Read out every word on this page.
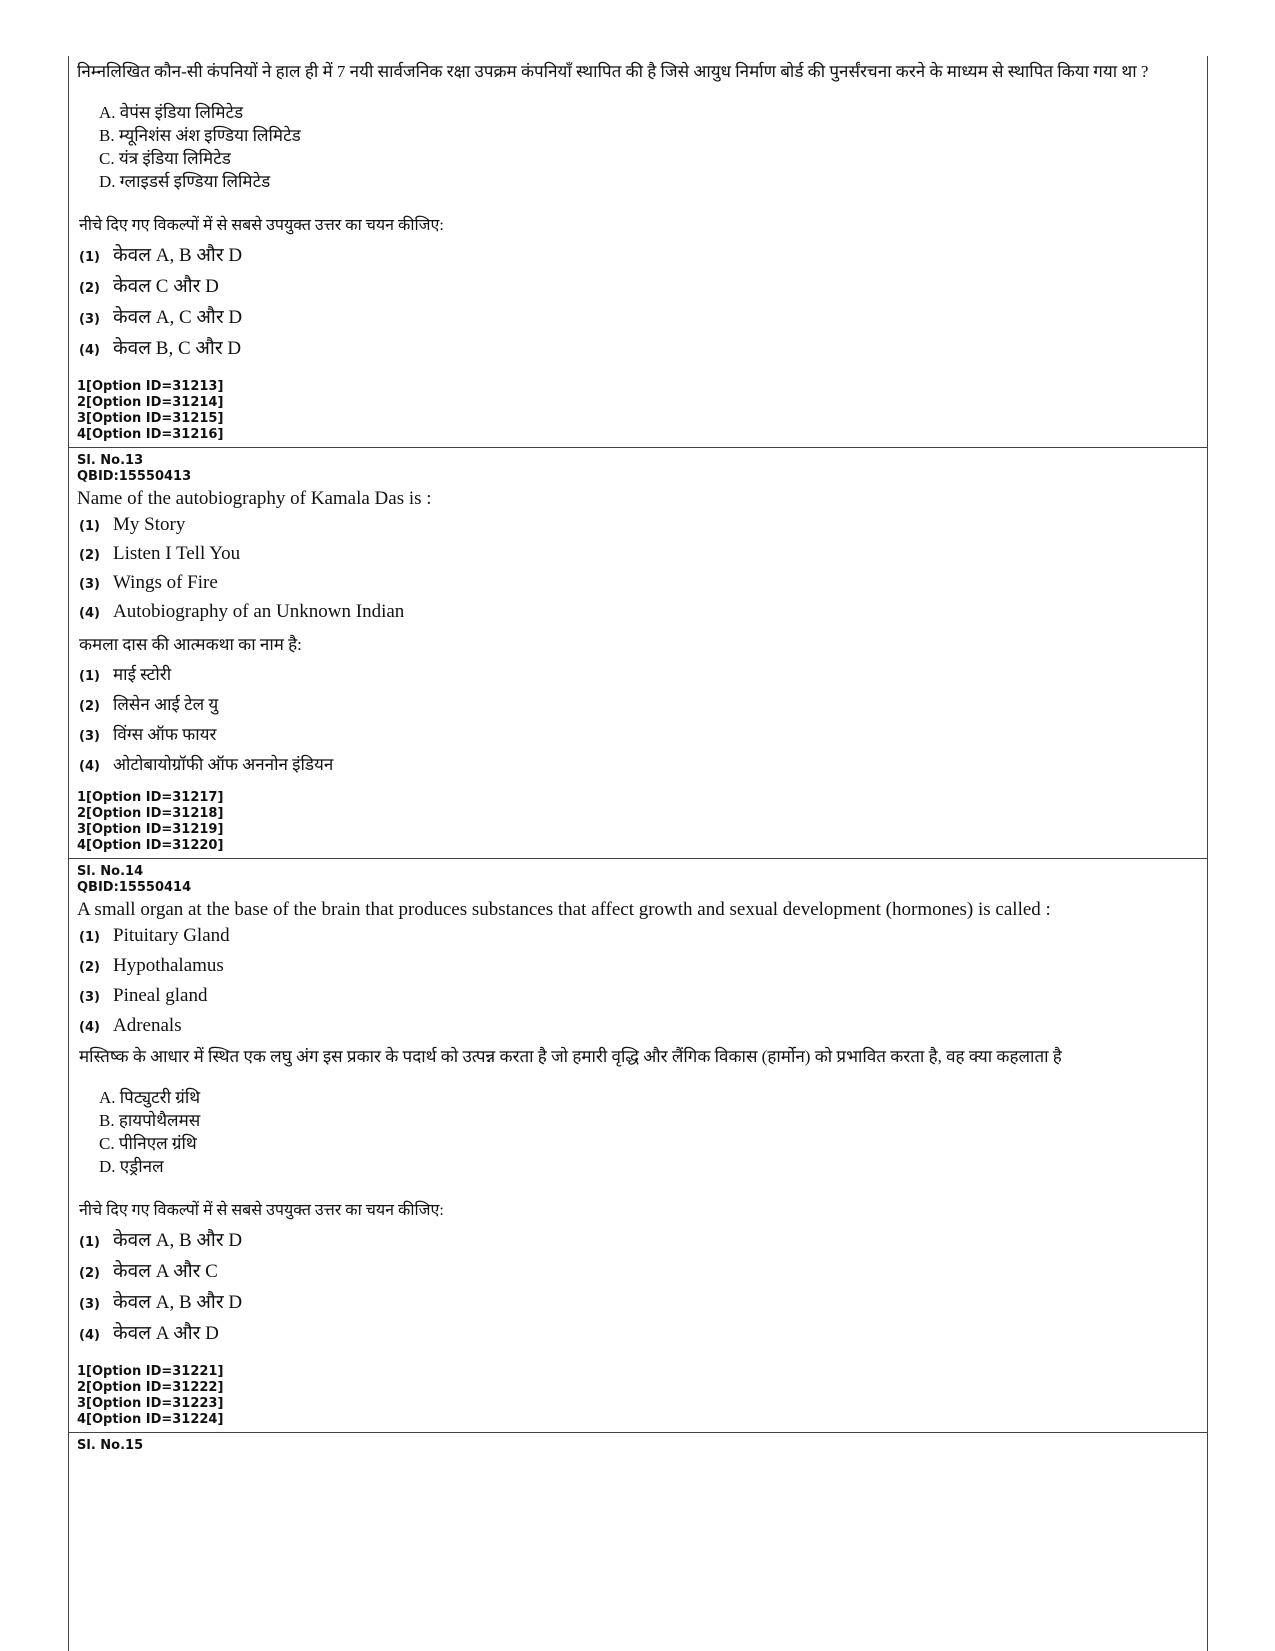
निम्नलिखित कौन-सी कंपनियों ने हाल ही में 7 नयी सार्वजनिक रक्षा उपक्रम कंपनियाँ स्थापित की है जिसे आयुध निर्माण बोर्ड की पुनर्संरचना करने के माध्यम से स्थापित किया गया था ?

A. वेपंस इंडिया लिमिटेड
B. म्यूनिशंस अंश इण्डिया लिमिटेड
C. यंत्र इंडिया लिमिटेड
D. ग्लाइडर्स इण्डिया लिमिटेड

नीचे दिए गए विकल्पों में से सबसे उपयुक्त उत्तर का चयन कीजिए:

(1) केवल A, B और D
(2) केवल C और D
(3) केवल A, C और D
(4) केवल B, C और D
1[Option ID=31213]
2[Option ID=31214]
3[Option ID=31215]
4[Option ID=31216]
Sl. No.13
QBID:15550413

Name of the autobiography of Kamala Das is :

(1) My Story
(2) Listen I Tell You
(3) Wings of Fire
(4) Autobiography of an Unknown Indian

कमला दास की आत्मकथा का नाम है:

(1) माई स्टोरी
(2) लिसेन आई टेल यु
(3) विंग्स ऑफ फायर
(4) ओटोबायोग्रॉफी ऑफ अननोन इंडियन
1[Option ID=31217]
2[Option ID=31218]
3[Option ID=31219]
4[Option ID=31220]
Sl. No.14
QBID:15550414

A small organ at the base of the brain that produces substances that affect growth and sexual development (hormones) is called :

(1) Pituitary Gland
(2) Hypothalamus
(3) Pineal gland
(4) Adrenals

मस्तिष्क के आधार में स्थित एक लघु अंग इस प्रकार के पदार्थ को उत्पन्न करता है जो हमारी वृद्धि और लैंगिक विकास (हार्मोन) को प्रभावित करता है, वह क्या कहलाता है

A. पिट्युटरी ग्रंथि
B. हायपोथैलमस
C. पीनिएल ग्रंथि
D. एड्रीनल

नीचे दिए गए विकल्पों में से सबसे उपयुक्त उत्तर का चयन कीजिए:

(1) केवल A, B और D
(2) केवल A और C
(3) केवल A, B और D
(4) केवल A और D
1[Option ID=31221]
2[Option ID=31222]
3[Option ID=31223]
4[Option ID=31224]
Sl. No.15
